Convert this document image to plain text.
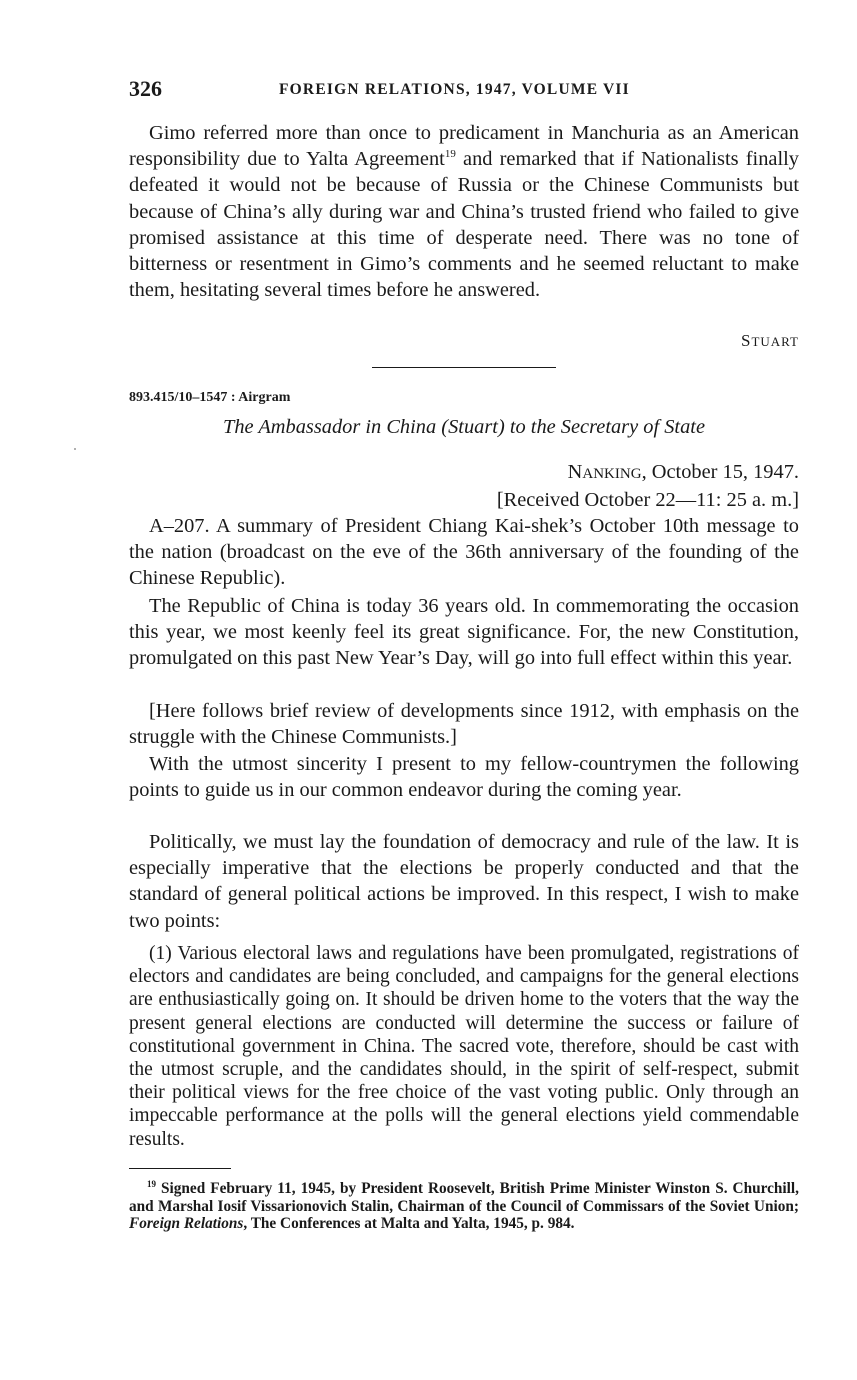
326	FOREIGN RELATIONS, 1947, VOLUME VII

Gimo referred more than once to predicament in Manchuria as an American responsibility due to Yalta Agreement$^{19}$ and remarked that if Nationalists finally defeated it would not be because of Russia or the Chinese Communists but because of China’s ally during war and China’s trusted friend who failed to give promised assistance at this time of desperate need. There was no tone of bitterness or resentment in Gimo’s comments and he seemed reluctant to make them, hesitating several times before he answered.

STUART
893.415/10–1547 : Airgram
The Ambassador in China (Stuart) to the Secretary of State
NANKING, October 15, 1947.
[Received October 22—11: 25 a. m.]

A–207. A summary of President Chiang Kai-shek’s October 10th message to the nation (broadcast on the eve of the 36th anniversary of the founding of the Chinese Republic).

The Republic of China is today 36 years old. In commemorating the occasion this year, we most keenly feel its great significance. For, the new Constitution, promulgated on this past New Year’s Day, will go into full effect within this year.

[Here follows brief review of developments since 1912, with emphasis on the struggle with the Chinese Communists.]

With the utmost sincerity I present to my fellow-countrymen the following points to guide us in our common endeavor during the coming year.

Politically, we must lay the foundation of democracy and rule of the law. It is especially imperative that the elections be properly conducted and that the standard of general political actions be improved. In this respect, I wish to make two points:

(1) Various electoral laws and regulations have been promulgated, registrations of electors and candidates are being concluded, and campaigns for the general elections are enthusiastically going on. It should be driven home to the voters that the way the present general elections are conducted will determine the success or failure of constitutional government in China. The sacred vote, therefore, should be cast with the utmost scruple, and the candidates should, in the spirit of self-respect, submit their political views for the free choice of the vast voting public. Only through an impeccable performance at the polls will the general elections yield commendable results.

$^{19}$ Signed February 11, 1945, by President Roosevelt, British Prime Minister Winston S. Churchill, and Marshal Iosif Vissarionovich Stalin, Chairman of the Council of Commissars of the Soviet Union; Foreign Relations, The Conferences at Malta and Yalta, 1945, p. 984.
